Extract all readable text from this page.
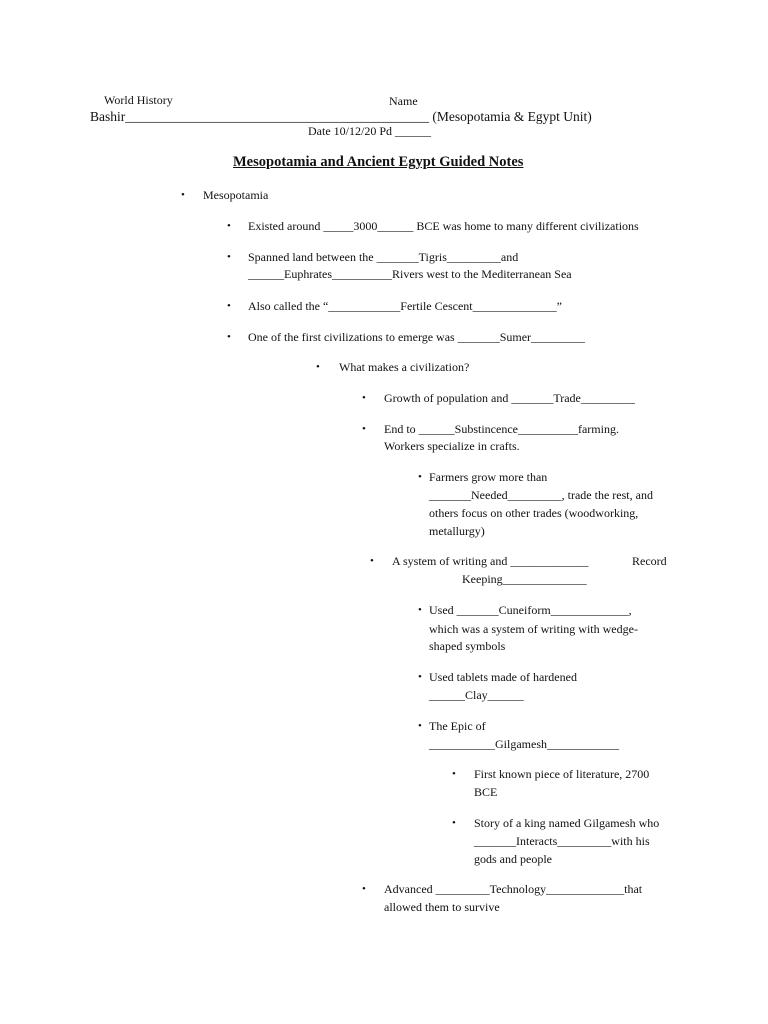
World History	Name
Bashir_____________________________________________ (Mesopotamia & Egypt Unit)
Date 10/12/20 Pd ______
Mesopotamia and Ancient Egypt Guided Notes
• Mesopotamia
• Existed around _____3000______ BCE was home to many different civilizations
• Spanned land between the _______Tigris_________and
______Euphrates__________Rivers west to the Mediterranean Sea
• Also called the “____________Fertile Cescent______________”
• One of the first civilizations to emerge was _______Sumer_________
• What makes a civilization?
• Growth of population and _______Trade_________
• End to ______Substincence__________farming.
Workers specialize in crafts.
• Farmers grow more than
_______Needed_________, trade the rest, and
others focus on other trades (woodworking,
metallurgy)
• A system of writing and _____________	Record
Keeping______________
• Used _______Cuneiform_____________,
which was a system of writing with wedge-
shaped symbols
• Used tablets made of hardened
______Clay______
• The Epic of
___________Gilgamesh____________
• First known piece of literature, 2700
BCE
• Story of a king named Gilgamesh who
_______Interacts_________with his
gods and people
• Advanced _________Technology_____________that
allowed them to survive
